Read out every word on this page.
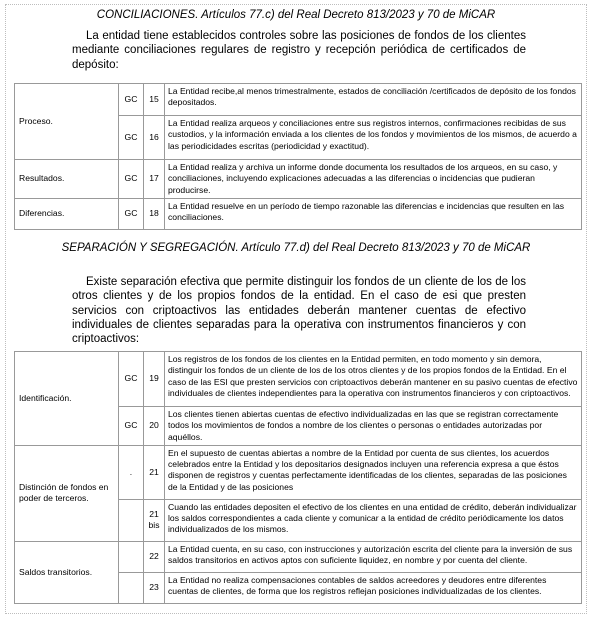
CONCILIACIONES. Artículos 77.c) del Real Decreto 813/2023 y 70 de MiCAR
La entidad tiene establecidos controles sobre las posiciones de fondos de los clientes mediante conciliaciones regulares de registro y recepción periódica de certificados de depósito:
Proceso.	GC	15	La Entidad recibe,al menos trimestralmente, estados de conciliación /certificados de depósito de los fondos depositados.
	GC	16	La Entidad realiza arqueos y conciliaciones entre sus registros internos, confirmaciones recibidas de sus custodios, y la información enviada a los clientes de los fondos y movimientos de los mismos, de acuerdo a las periodicidades escritas (periodicidad y exactitud).
Resultados.	GC	17	La Entidad realiza y archiva un informe donde documenta los resultados de los arqueos, en su caso, y conciliaciones, incluyendo explicaciones adecuadas a las diferencias o incidencias que pudieran producirse.
Diferencias.	GC	18	La Entidad resuelve en un período de tiempo razonable las diferencias e incidencias que resulten en las conciliaciones.
SEPARACIÓN Y SEGREGACIÓN. Artículo 77.d) del Real Decreto 813/2023 y 70 de MiCAR
Existe separación efectiva que permite distinguir los fondos de un cliente de los de los otros clientes y de los propios fondos de la entidad. En el caso de esi que presten servicios con criptoactivos las entidades deberán mantener cuentas de efectivo individuales de clientes separadas para la operativa con instrumentos financieros y con criptoactivos:
Identificación.	GC	19	Los registros de los fondos de los clientes en la Entidad permiten, en todo momento y sin demora, distinguir los fondos de un cliente de los de los otros clientes y de los propios fondos de la Entidad. En el caso de las ESI que presten servicios con criptoactivos deberán mantener en su pasivo cuentas de efectivo individuales de clientes independientes para la operativa con instrumentos financieros y con criptoactivos.
	GC	20	Los clientes tienen abiertas cuentas de efectivo individualizadas en las que se registran correctamente todos los movimientos de fondos a nombre de los clientes o personas o entidades autorizadas por aquéllos.
Distinción de fondos en poder de terceros.	.	21	En el supuesto de cuentas abiertas a nombre de la Entidad por cuenta de sus clientes, los acuerdos celebrados entre la Entidad y los depositarios designados incluyen una referencia expresa a que éstos disponen de registros y cuentas perfectamente identificadas de los clientes, separadas de las posiciones de la Entidad y de las posiciones
		21 bis	Cuando las entidades depositen el efectivo de los clientes en una entidad de crédito, deberán individualizar los saldos correspondientes a cada cliente y comunicar a la entidad de crédito periódicamente los datos individualizados de los mismos.
Saldos transitorios.		22	La Entidad cuenta, en su caso, con instrucciones y autorización escrita del cliente para la inversión de sus saldos transitorios en activos aptos con suficiente liquidez, en nombre y por cuenta del cliente.
		23	La Entidad no realiza compensaciones contables de saldos acreedores y deudores entre diferentes cuentas de clientes, de forma que los registros reflejan posiciones individualizadas de los clientes.
